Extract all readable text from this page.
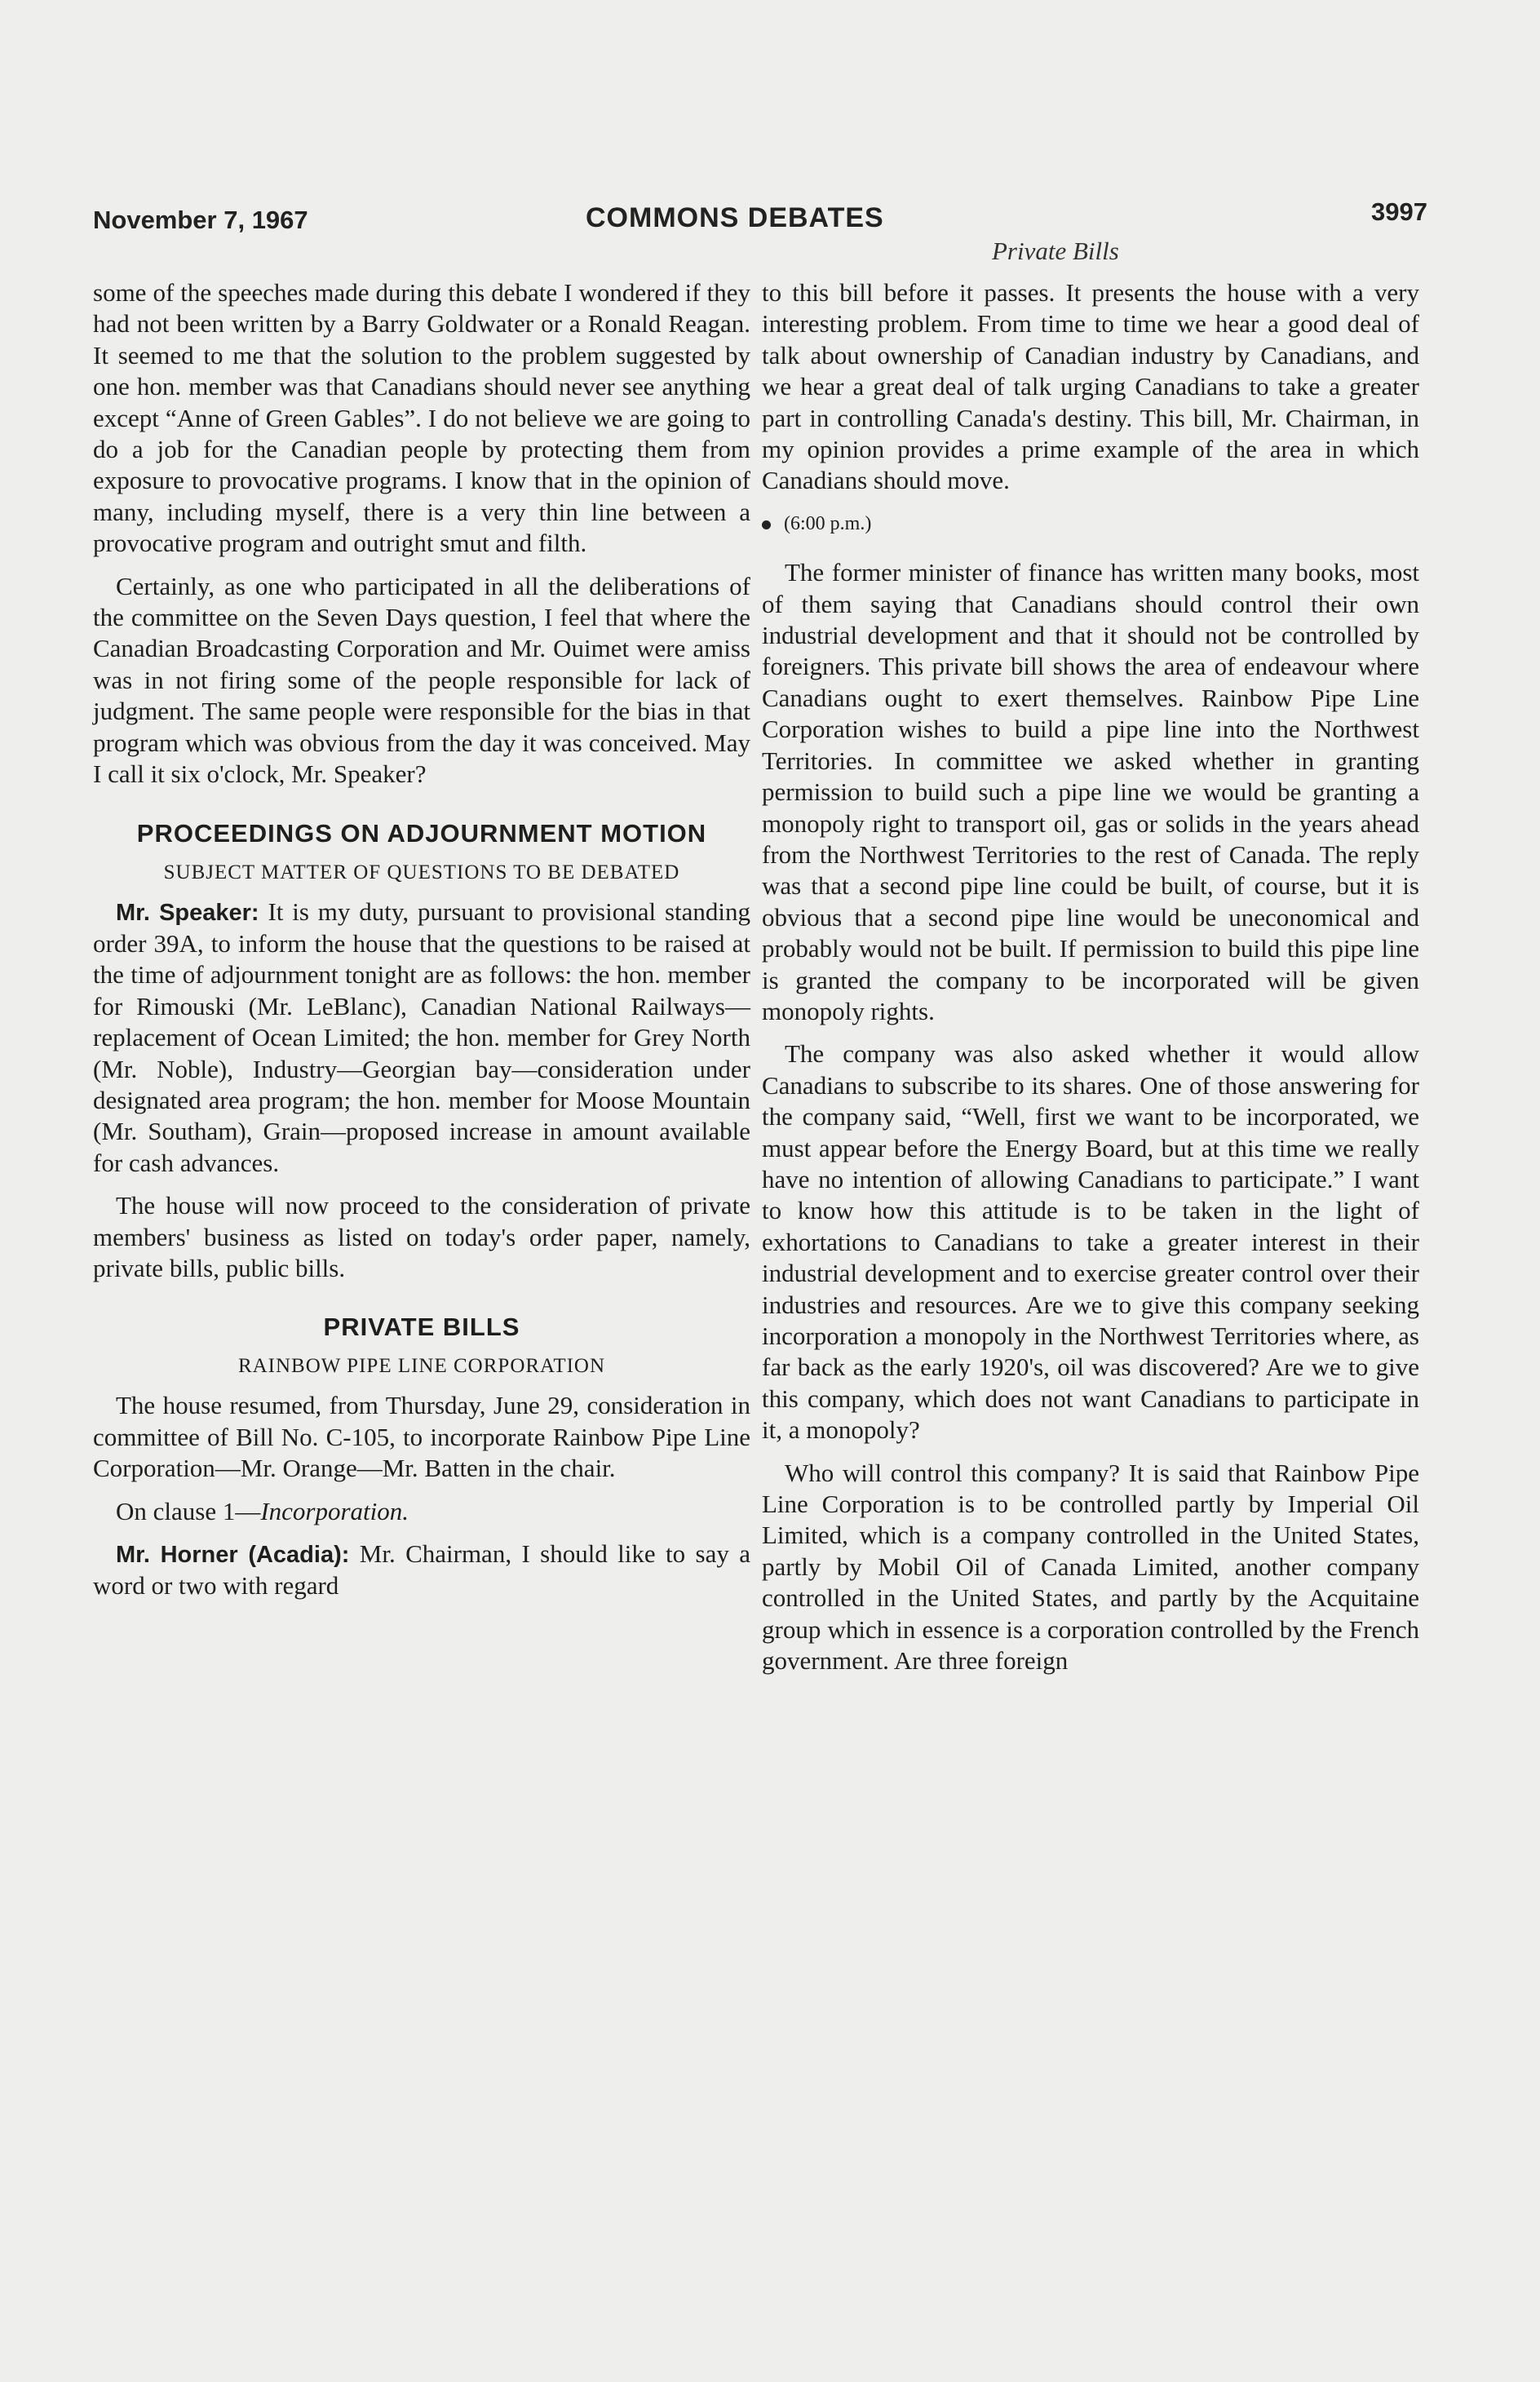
November 7, 1967	COMMONS DEBATES	3997
Private Bills

some of the speeches made during this debate I wondered if they had not been written by a Barry Goldwater or a Ronald Reagan. It seemed to me that the solution to the problem suggested by one hon. member was that Canadians should never see anything except “Anne of Green Gables”. I do not believe we are going to do a job for the Canadian people by protecting them from exposure to provocative programs. I know that in the opinion of many, including myself, there is a very thin line between a provocative program and outright smut and filth.

Certainly, as one who participated in all the deliberations of the committee on the Seven Days question, I feel that where the Canadian Broadcasting Corporation and Mr. Ouimet were amiss was in not firing some of the people responsible for lack of judgment. The same people were responsible for the bias in that program which was obvious from the day it was conceived. May I call it six o'clock, Mr. Speaker?

PROCEEDINGS ON ADJOURNMENT MOTION
SUBJECT MATTER OF QUESTIONS TO BE DEBATED

Mr. Speaker: It is my duty, pursuant to provisional standing order 39A, to inform the house that the questions to be raised at the time of adjournment tonight are as follows: the hon. member for Rimouski (Mr. LeBlanc), Canadian National Railways—replacement of Ocean Limited; the hon. member for Grey North (Mr. Noble), Industry—Georgian bay—consideration under designated area program; the hon. member for Moose Mountain (Mr. Southam), Grain—proposed increase in amount available for cash advances.

The house will now proceed to the consideration of private members' business as listed on today's order paper, namely, private bills, public bills.

PRIVATE BILLS
RAINBOW PIPE LINE CORPORATION

The house resumed, from Thursday, June 29, consideration in committee of Bill No. C-105, to incorporate Rainbow Pipe Line Corporation—Mr. Orange—Mr. Batten in the chair.

On clause 1—Incorporation.

Mr. Horner (Acadia): Mr. Chairman, I should like to say a word or two with regard

to this bill before it passes. It presents the house with a very interesting problem. From time to time we hear a good deal of talk about ownership of Canadian industry by Canadians, and we hear a great deal of talk urging Canadians to take a greater part in controlling Canada's destiny. This bill, Mr. Chairman, in my opinion provides a prime example of the area in which Canadians should move.

(6:00 p.m.)

The former minister of finance has written many books, most of them saying that Canadians should control their own industrial development and that it should not be controlled by foreigners. This private bill shows the area of endeavour where Canadians ought to exert themselves. Rainbow Pipe Line Corporation wishes to build a pipe line into the Northwest Territories. In committee we asked whether in granting permission to build such a pipe line we would be granting a monopoly right to transport oil, gas or solids in the years ahead from the Northwest Territories to the rest of Canada. The reply was that a second pipe line could be built, of course, but it is obvious that a second pipe line would be uneconomical and probably would not be built. If permission to build this pipe line is granted the company to be incorporated will be given monopoly rights.

The company was also asked whether it would allow Canadians to subscribe to its shares. One of those answering for the company said, “Well, first we want to be incorporated, we must appear before the Energy Board, but at this time we really have no intention of allowing Canadians to participate.” I want to know how this attitude is to be taken in the light of exhortations to Canadians to take a greater interest in their industrial development and to exercise greater control over their industries and resources. Are we to give this company seeking incorporation a monopoly in the Northwest Territories where, as far back as the early 1920's, oil was discovered? Are we to give this company, which does not want Canadians to participate in it, a monopoly?

Who will control this company? It is said that Rainbow Pipe Line Corporation is to be controlled partly by Imperial Oil Limited, which is a company controlled in the United States, partly by Mobil Oil of Canada Limited, another company controlled in the United States, and partly by the Acquitaine group which in essence is a corporation controlled by the French government. Are three foreign
